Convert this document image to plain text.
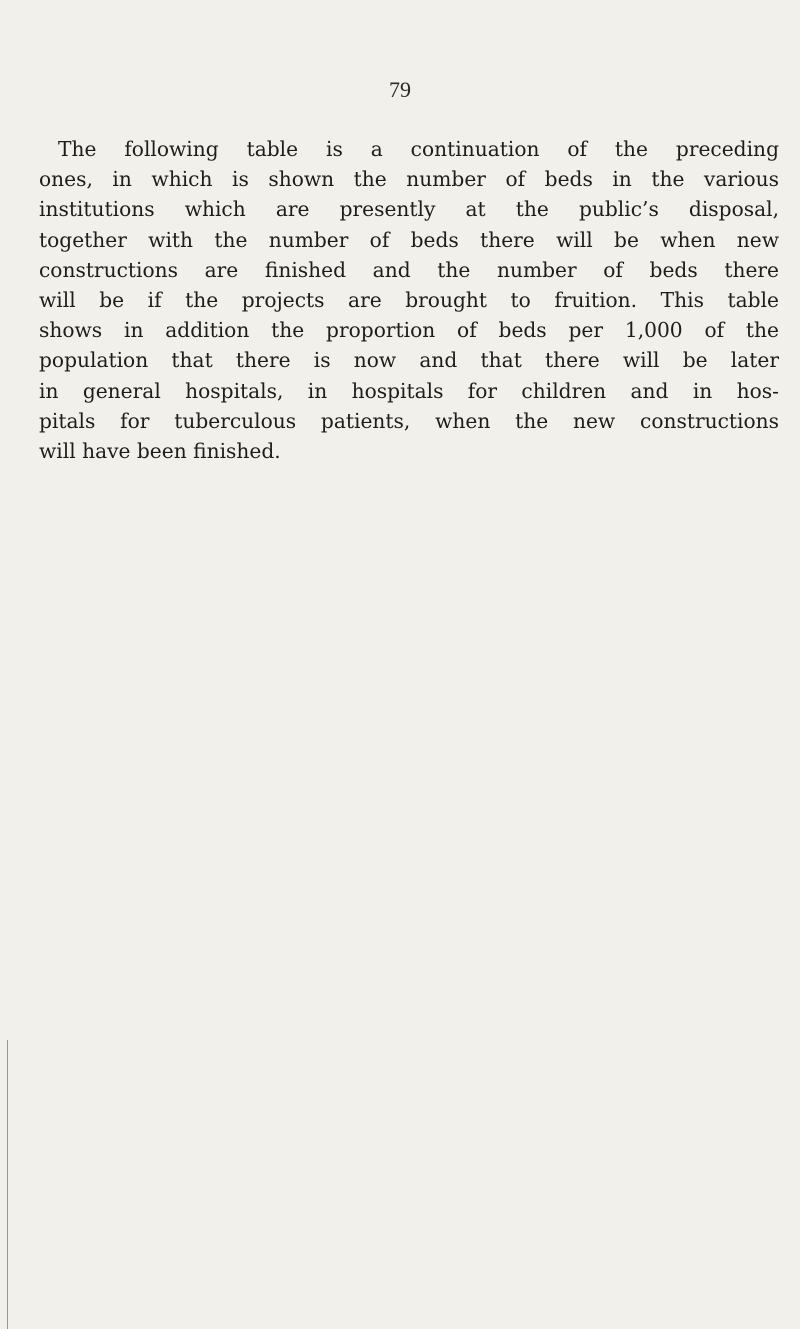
79
The following table is a continuation of the preceding
ones, in which is shown the number of beds in the various
institutions which are presently at the public’s disposal,
together with the number of beds there will be when new
constructions are finished and the number of beds there
will be if the projects are brought to fruition. This table
shows in addition the proportion of beds per 1,000 of the
population that there is now and that there will be later
in general hospitals, in hospitals for children and in hos-
pitals for tuberculous patients, when the new constructions
will have been finished.
